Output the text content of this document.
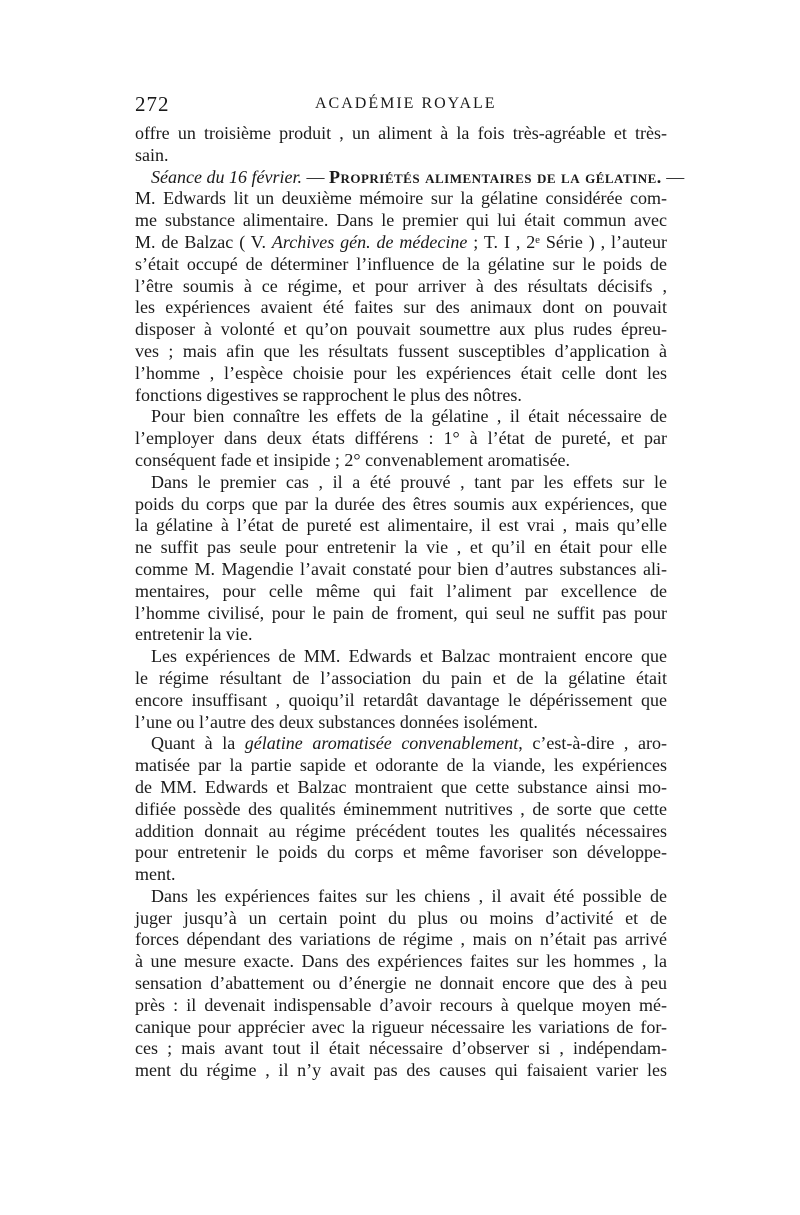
272	ACADÉMIE ROYALE
offre un troisième produit , un aliment à la fois très-agréable et très-
sain.
Séance du 16 février. — Propriétés alimentaires de la gélatine. —
M. Edwards lit un deuxième mémoire sur la gélatine considérée com-
me substance alimentaire. Dans le premier qui lui était commun avec
M. de Balzac ( V. Archives gén. de médecine ; T. I , 2ᵉ Série ) , l’auteur
s’était occupé de déterminer l’influence de la gélatine sur le poids de
l’être soumis à ce régime, et pour arriver à des résultats décisifs ,
les expériences avaient été faites sur des animaux dont on pouvait
disposer à volonté et qu’on pouvait soumettre aux plus rudes épreu-
ves ; mais afin que les résultats fussent susceptibles d’application à
l’homme , l’espèce choisie pour les expériences était celle dont les
fonctions digestives se rapprochent le plus des nôtres.
Pour bien connaître les effets de la gélatine , il était nécessaire de
l’employer dans deux états différens : 1° à l’état de pureté, et par
conséquent fade et insipide ; 2° convenablement aromatisée.
Dans le premier cas , il a été prouvé , tant par les effets sur le
poids du corps que par la durée des êtres soumis aux expériences, que
la gélatine à l’état de pureté est alimentaire, il est vrai , mais qu’elle
ne suffit pas seule pour entretenir la vie , et qu’il en était pour elle
comme M. Magendie l’avait constaté pour bien d’autres substances ali-
mentaires, pour celle même qui fait l’aliment par excellence de
l’homme civilisé, pour le pain de froment, qui seul ne suffit pas pour
entretenir la vie.
Les expériences de MM. Edwards et Balzac montraient encore que
le régime résultant de l’association du pain et de la gélatine était
encore insuffisant , quoiqu’il retardât davantage le dépérissement que
l’une ou l’autre des deux substances données isolément.
Quant à la gélatine aromatisée convenablement, c’est-à-dire , aro-
matisée par la partie sapide et odorante de la viande, les expériences
de MM. Edwards et Balzac montraient que cette substance ainsi mo-
difiée possède des qualités éminemment nutritives , de sorte que cette
addition donnait au régime précédent toutes les qualités nécessaires
pour entretenir le poids du corps et même favoriser son développe-
ment.
Dans les expériences faites sur les chiens , il avait été possible de
juger jusqu’à un certain point du plus ou moins d’activité et de
forces dépendant des variations de régime , mais on n’était pas arrivé
à une mesure exacte. Dans des expériences faites sur les hommes , la
sensation d’abattement ou d’énergie ne donnait encore que des à peu
près : il devenait indispensable d’avoir recours à quelque moyen mé-
canique pour apprécier avec la rigueur nécessaire les variations de for-
ces ; mais avant tout il était nécessaire d’observer si , indépendam-
ment du régime , il n’y avait pas des causes qui faisaient varier les
